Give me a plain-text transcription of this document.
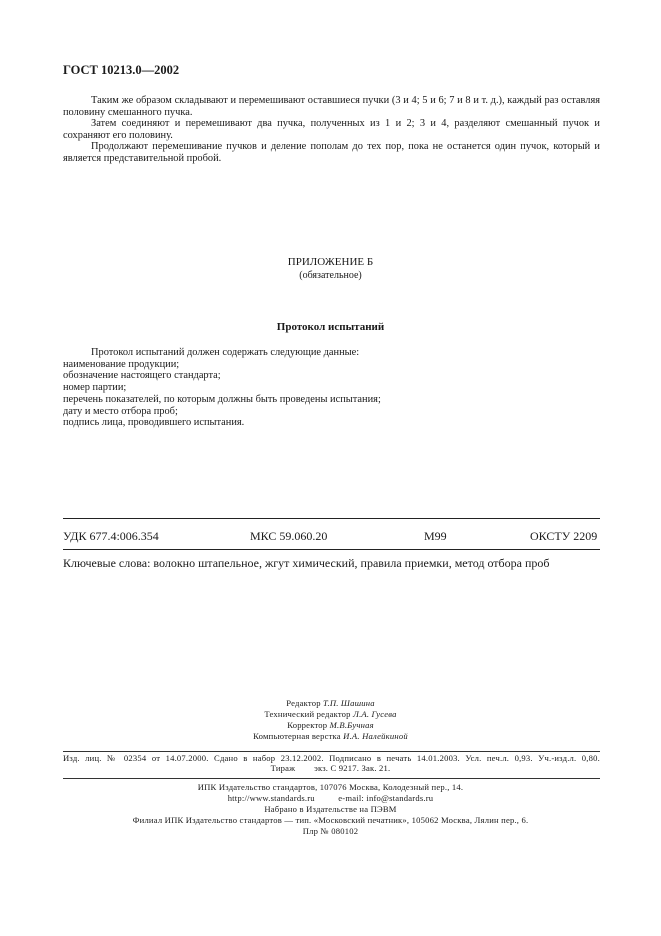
ГОСТ 10213.0—2002
Таким же образом складывают и перемешивают оставшиеся пучки (3 и 4; 5 и 6; 7 и 8 и т. д.), каждый раз оставляя половину смешанного пучка.
Затем соединяют и перемешивают два пучка, полученных из 1 и 2; 3 и 4, разделяют смешанный пучок и сохраняют его половину.
Продолжают перемешивание пучков и деление пополам до тех пор, пока не останется один пучок, который и является представительной пробой.
ПРИЛОЖЕНИЕ Б
(обязательное)
Протокол испытаний
Протокол испытаний должен содержать следующие данные:
наименование продукции;
обозначение настоящего стандарта;
номер партии;
перечень показателей, по которым должны быть проведены испытания;
дату и место отбора проб;
подпись лица, проводившего испытания.
УДК 677.4:006.354	МКС 59.060.20	М99	ОКСТУ 2209
Ключевые слова: волокно штапельное, жгут химический, правила приемки, метод отбора проб
Редактор Т.П. Шашина
Технический редактор Л.А. Гусева
Корректор М.В.Бучная
Компьютерная верстка И.А. Налейкиной
Изд. лиц. № 02354 от 14.07.2000. Сдано в набор 23.12.2002. Подписано в печать 14.01.2003. Усл. печ.л. 0,93. Уч.-изд.л. 0,80.
Тираж        экз. С 9217. Зак. 21.
ИПК Издательство стандартов, 107076 Москва, Колодезный пер., 14.
http://www.standards.ru          e-mail: info@standards.ru
Набрано в Издательстве на ПЭВМ
Филиал ИПК Издательство стандартов — тип. «Московский печатник», 105062 Москва, Лялин пер., 6.
Плр № 080102
